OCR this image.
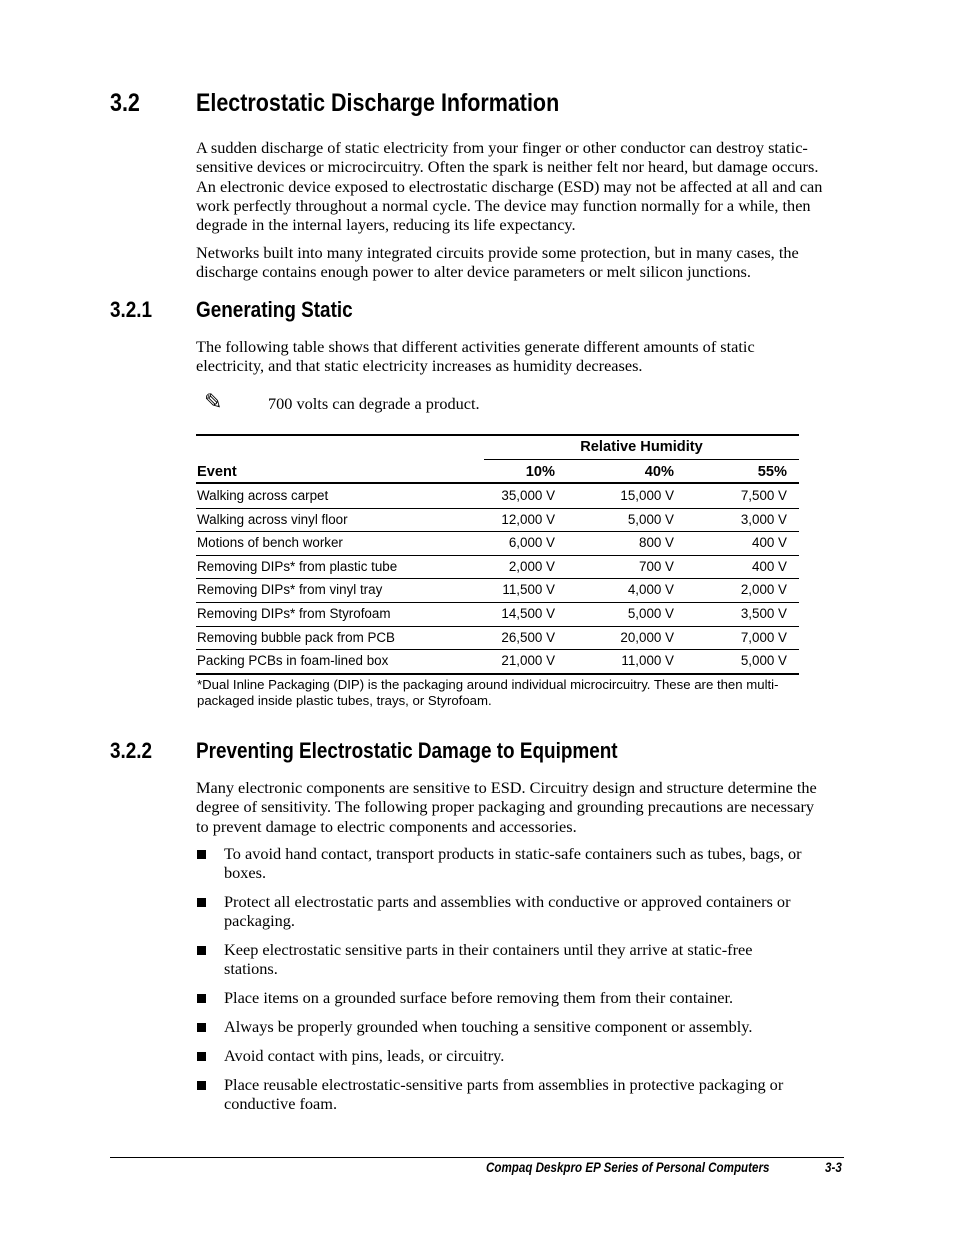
3.2 Electrostatic Discharge Information

A sudden discharge of static electricity from your finger or other conductor can destroy static-sensitive devices or microcircuitry. Often the spark is neither felt nor heard, but damage occurs. An electronic device exposed to electrostatic discharge (ESD) may not be affected at all and can work perfectly throughout a normal cycle. The device may function normally for a while, then degrade in the internal layers, reducing its life expectancy.

Networks built into many integrated circuits provide some protection, but in many cases, the discharge contains enough power to alter device parameters or melt silicon junctions.

3.2.1 Generating Static

The following table shows that different activities generate different amounts of static electricity, and that static electricity increases as humidity decreases.

✎	700 volts can degrade a product.
Relative Humidity
Event	10%	40%	55%
Walking across carpet	35,000 V	15,000 V	7,500 V
Walking across vinyl floor	12,000 V	5,000 V	3,000 V
Motions of bench worker	6,000 V	800 V	400 V
Removing DIPs* from plastic tube	2,000 V	700 V	400 V
Removing DIPs* from vinyl tray	11,500 V	4,000 V	2,000 V
Removing DIPs* from Styrofoam	14,500 V	5,000 V	3,500 V
Removing bubble pack from PCB	26,500 V	20,000 V	7,000 V
Packing PCBs in foam-lined box	21,000 V	11,000 V	5,000 V
*Dual Inline Packaging (DIP) is the packaging around individual microcircuitry. These are then multi-packaged inside plastic tubes, trays, or Styrofoam.
3.2.2 Preventing Electrostatic Damage to Equipment

Many electronic components are sensitive to ESD. Circuitry design and structure determine the degree of sensitivity. The following proper packaging and grounding precautions are necessary to prevent damage to electric components and accessories.

To avoid hand contact, transport products in static-safe containers such as tubes, bags, or boxes.
Protect all electrostatic parts and assemblies with conductive or approved containers or packaging.
Keep electrostatic sensitive parts in their containers until they arrive at static-free stations.
Place items on a grounded surface before removing them from their container.
Always be properly grounded when touching a sensitive component or assembly.
Avoid contact with pins, leads, or circuitry.
Place reusable electrostatic-sensitive parts from assemblies in protective packaging or conductive foam.
Compaq Deskpro EP Series of Personal Computers	3-3
